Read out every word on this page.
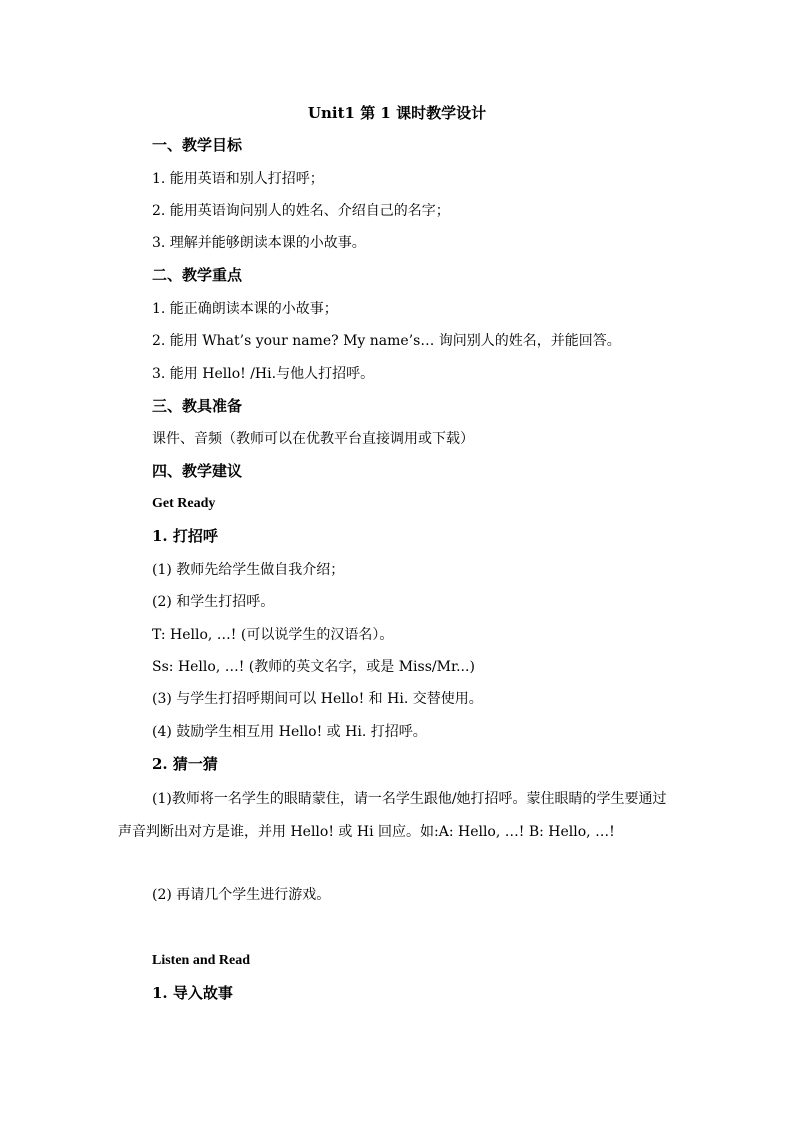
Unit1 第 1 课时教学设计
一、教学目标
1. 能用英语和别人打招呼；
2. 能用英语询问别人的姓名、介绍自己的名字；
3. 理解并能够朗读本课的小故事。
二、教学重点
1. 能正确朗读本课的小故事；
2. 能用 What’s your name? My name’s… 询问别人的姓名，并能回答。
3. 能用 Hello! /Hi.与他人打招呼。
三、教具准备
课件、音频（教师可以在优教平台直接调用或下载）
四、教学建议
Get Ready
1. 打招呼
(1) 教师先给学生做自我介绍；
(2) 和学生打招呼。
T: Hello, …! (可以说学生的汉语名）。
Ss: Hello, …! (教师的英文名字，或是 Miss/Mr...)
(3) 与学生打招呼期间可以 Hello! 和 Hi. 交替使用。
(4) 鼓励学生相互用 Hello! 或 Hi. 打招呼。
2. 猜一猜
(1)教师将一名学生的眼睛蒙住，请一名学生跟他/她打招呼。蒙住眼睛的学生要通过声音判断出对方是谁，并用 Hello! 或 Hi 回应。如:A: Hello, …! B: Hello, …!
(2) 再请几个学生进行游戏。
Listen and Read
1. 导入故事
